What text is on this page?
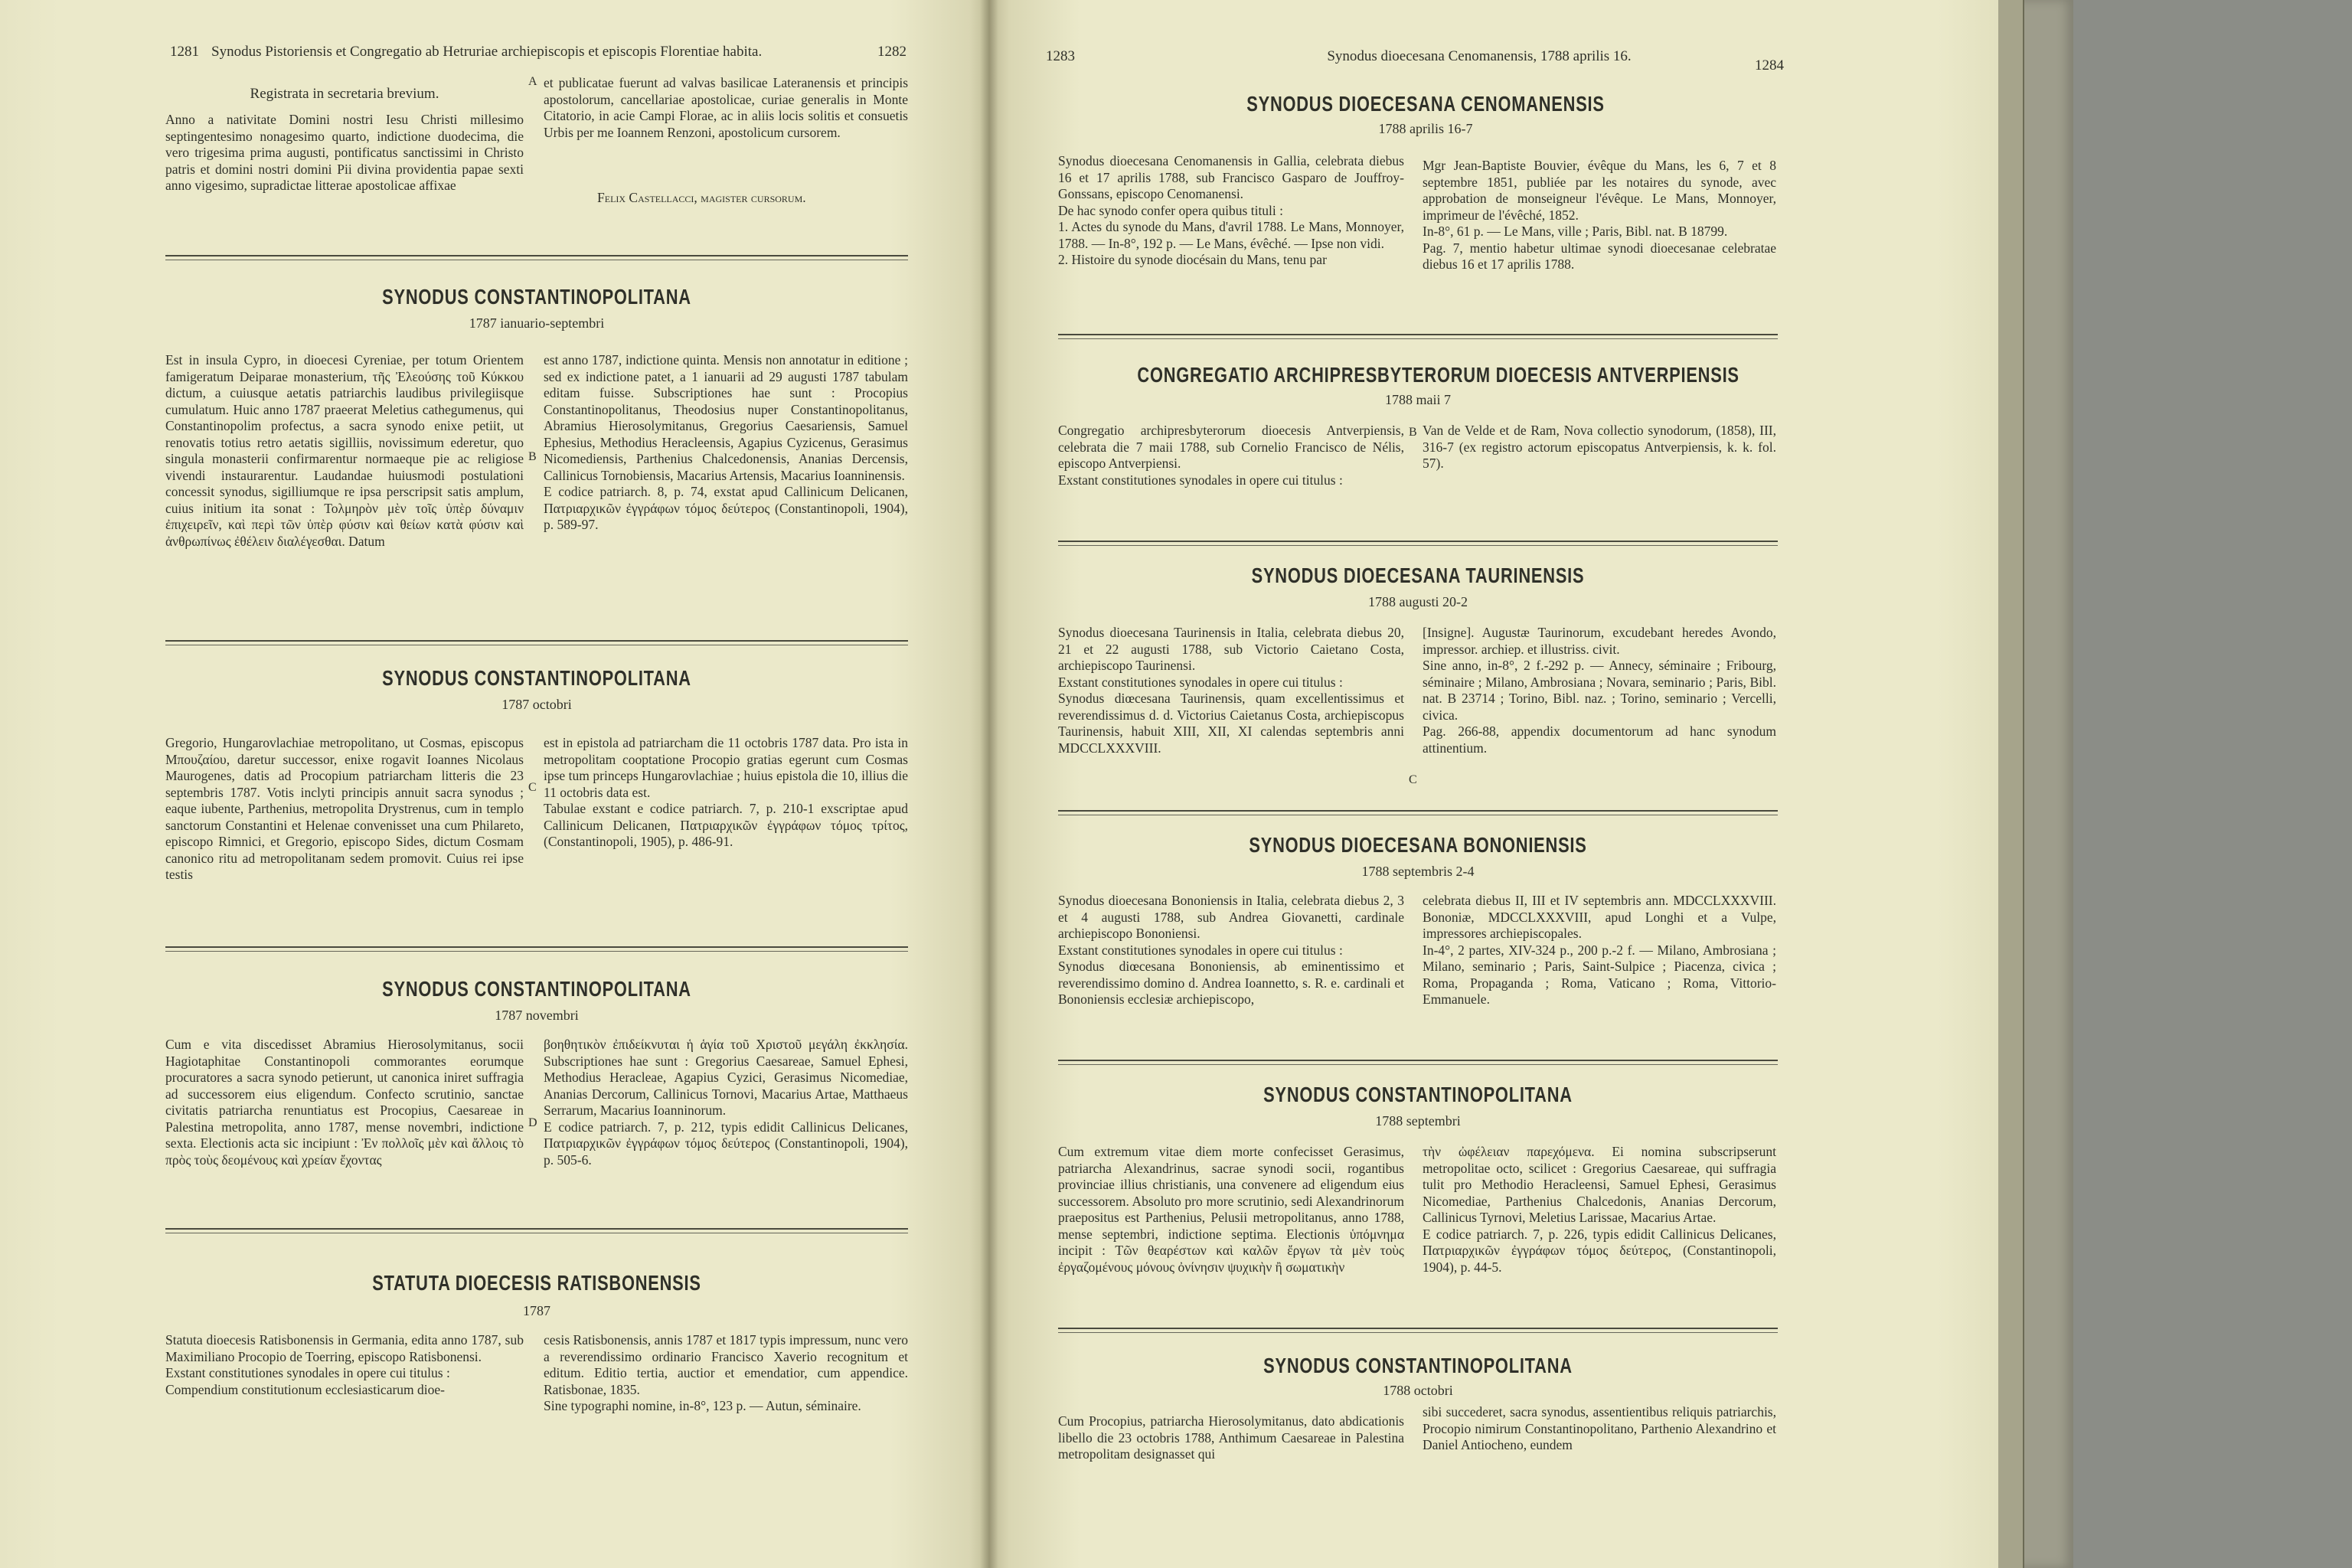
1281 Synodus Pistoriensis et Congregatio ab Hetruriae archiepiscopis et episcopis Florentiae habita.	1282
Registrata in secretaria brevium.
Anno a nativitate Domini nostri Iesu Christi millesimo septingentesimo nonagesimo quarto, indictione duodecima, die vero trigesima prima augusti, pontificatus sanctissimi in Christo patris et domini nostri domini Pii divina providentia papae sexti anno vigesimo, supradictae litterae apostolicae affixae
A et publicatae fuerunt ad valvas basilicae Lateranensis et principis apostolorum, cancellariae apostolicae, curiae generalis in Monte Citatorio, in acie Campi Florae, ac in aliis locis solitis et consuetis Urbis per me Ioannem Renzoni, apostolicum cursorem.
Felix Castellacci, magister cursorum.
SYNODUS CONSTANTINOPOLITANA
1787 ianuario-septembri
Est in insula Cypro, in dioecesi Cyreniae, per totum Orientem famigeratum Deiparae monasterium, τῆς Ἐλεούσης τοῦ Κύκκου dictum, a cuiusque aetatis patriarchis laudibus privilegiisque cumulatum. Huic anno 1787 praeerat Meletius cathegumenus, qui Constantinopolim profectus, a sacra synodo enixe petiit, ut renovatis totius retro aetatis sigilliis, novissimum ederetur, quo singula monasterii confirmarentur normaeque pie ac religiose vivendi instaurarentur. Laudandae huiusmodi postulationi concessit synodus, sigilliumque re ipsa perscripsit satis amplum, cuius initium ita sonat : Τολμηρὸν μὲν τοῖς ὑπὲρ δύναμιν ἐπιχειρεῖν, καὶ περὶ τῶν ὑπὲρ φύσιν καὶ θείων κατὰ φύσιν καὶ ἀνθρωπίνως ἐθέλειν διαλέγεσθαι. Datum
B
est anno 1787, indictione quinta. Mensis non annotatur in editione ; sed ex indictione patet, a 1 ianuarii ad 29 augusti 1787 tabulam editam fuisse. Subscriptiones hae sunt : Procopius Constantinopolitanus, Theodosius nuper Constantinopolitanus, Abramius Hierosolymitanus, Gregorius Caesariensis, Samuel Ephesius, Methodius Heracleensis, Agapius Cyzicenus, Gerasimus Nicomediensis, Parthenius Chalcedonensis, Ananias Dercensis, Callinicus Tornobiensis, Macarius Artensis, Macarius Ioanninensis.
E codice patriarch. 8, p. 74, exstat apud Callinicum Delicanen, Πατριαρχικῶν ἐγγράφων τόμος δεύτερος (Constantinopoli, 1904), p. 589-97.
SYNODUS CONSTANTINOPOLITANA
1787 octobri
Gregorio, Hungarovlachiae metropolitano, ut Cosmas, episcopus Μπουζαίου, daretur successor, enixe rogavit Ioannes Nicolaus Maurogenes, datis ad Procopium patriarcham litteris die 23 septembris 1787. Votis inclyti principis annuit sacra synodus ; eaque iubente, Parthenius, metropolita Drystrenus, cum in templo sanctorum Constantini et Helenae convenisset una cum Philareto, episcopo Rimnici, et Gregorio, episcopo Sides, dictum Cosmam canonico ritu ad metropolitanam sedem promovit. Cuius rei ipse testis
C
est in epistola ad patriarcham die 11 octobris 1787 data. Pro ista in metropolitam cooptatione Procopio gratias egerunt cum Cosmas ipse tum princeps Hungarovlachiae ; huius epistola die 10, illius die 11 octobris data est.
Tabulae exstant e codice patriarch. 7, p. 210-1 exscriptae apud Callinicum Delicanen, Πατριαρχικῶν ἐγγράφων τόμος τρίτος, (Constantinopoli, 1905), p. 486-91.
SYNODUS CONSTANTINOPOLITANA
1787 novembri
Cum e vita discedisset Abramius Hierosolymitanus, socii Hagiotaphitae Constantinopoli commorantes eorumque procuratores a sacra synodo petierunt, ut canonica iniret suffragia ad successorem eius eligendum. Confecto scrutinio, sanctae civitatis patriarcha renuntiatus est Procopius, Caesareae in Palestina metropolita, anno 1787, mense novembri, indictione sexta. Electionis acta sic incipiunt : Ἐν πολλοῖς μὲν καὶ ἄλλοις τὸ πρὸς τοὺς δεομένους καὶ χρείαν ἔχοντας
D
βοηθητικὸν ἐπιδείκνυται ἡ ἁγία τοῦ Χριστοῦ μεγάλη ἐκκλησία. Subscriptiones hae sunt : Gregorius Caesareae, Samuel Ephesi, Methodius Heracleae, Agapius Cyzici, Gerasimus Nicomediae, Ananias Dercorum, Callinicus Tornovi, Macarius Artae, Matthaeus Serrarum, Macarius Ioanninorum.
E codice patriarch. 7, p. 212, typis edidit Callinicus Delicanes, Πατριαρχικῶν ἐγγράφων τόμος δεύτερος (Constantinopoli, 1904), p. 505-6.
STATUTA DIOECESIS RATISBONENSIS
1787
Statuta dioecesis Ratisbonensis in Germania, edita anno 1787, sub Maximiliano Procopio de Toerring, episcopo Ratisbonensi.
Exstant constitutiones synodales in opere cui titulus :
Compendium constitutionum ecclesiasticarum dioe-
cesis Ratisbonensis, annis 1787 et 1817 typis impressum, nunc vero a reverendissimo ordinario Francisco Xaverio recognitum et editum. Editio tertia, auctior et emendatior, cum appendice. Ratisbonae, 1835.
Sine typographi nomine, in-8°, 123 p. — Autun, séminaire.
1283	Synodus dioecesana Cenomanensis, 1788 aprilis 16.
1284
SYNODUS DIOECESANA CENOMANENSIS
1788 aprilis 16-7
Synodus dioecesana Cenomanensis in Gallia, celebrata diebus 16 et 17 aprilis 1788, sub Francisco Gasparo de Jouffroy-Gonssans, episcopo Cenomanensi.
De hac synodo confer opera quibus tituli :
1. Actes du synode du Mans, d'avril 1788. Le Mans, Monnoyer, 1788. — In-8°, 192 p. — Le Mans, évêché. — Ipse non vidi.
2. Histoire du synode diocésain du Mans, tenu par
Mgr Jean-Baptiste Bouvier, évêque du Mans, les 6, 7 et 8 septembre 1851, publiée par les notaires du synode, avec approbation de monseigneur l'évêque. Le Mans, Monnoyer, imprimeur de l'évêché, 1852.
In-8°, 61 p. — Le Mans, ville ; Paris, Bibl. nat. B 18799.
Pag. 7, mentio habetur ultimae synodi dioecesanae celebratae diebus 16 et 17 aprilis 1788.
CONGREGATIO ARCHIPRESBYTERORUM DIOECESIS ANTVERPIENSIS
1788 maii 7
Congregatio archipresbyterorum dioecesis Antverpiensis, celebrata die 7 maii 1788, sub Cornelio Francisco de Nélis, episcopo Antverpiensi.
Exstant constitutiones synodales in opere cui titulus :
B Van de Velde et de Ram, Nova collectio synodorum, (1858), III, 316-7 (ex registro actorum episcopatus Antverpiensis, k. k. fol. 57).
SYNODUS DIOECESANA TAURINENSIS
1788 augusti 20-2
Synodus dioecesana Taurinensis in Italia, celebrata diebus 20, 21 et 22 augusti 1788, sub Victorio Caietano Costa, archiepiscopo Taurinensi.
Exstant constitutiones synodales in opere cui titulus :
Synodus diœcesana Taurinensis, quam excellentissimus et reverendissimus d. d. Victorius Caietanus Costa, archiepiscopus Taurinensis, habuit XIII, XII, XI calendas septembris anni MDCCLXXXVIII.
C
[Insigne]. Augustæ Taurinorum, excudebant heredes Avondo, impressor. archiep. et illustriss. civit.
Sine anno, in-8°, 2 f.-292 p. — Annecy, séminaire ; Fribourg, séminaire ; Milano, Ambrosiana ; Novara, seminario ; Paris, Bibl. nat. B 23714 ; Torino, Bibl. naz. ; Torino, seminario ; Vercelli, civica.
Pag. 266-88, appendix documentorum ad hanc synodum attinentium.
SYNODUS DIOECESANA BONONIENSIS
1788 septembris 2-4
Synodus dioecesana Bononiensis in Italia, celebrata diebus 2, 3 et 4 augusti 1788, sub Andrea Giovanetti, cardinale archiepiscopo Bononiensi.
Exstant constitutiones synodales in opere cui titulus :
Synodus diœcesana Bononiensis, ab eminentissimo et reverendissimo domino d. Andrea Ioannetto, s. R. e. cardinali et Bononiensis ecclesiæ archiepiscopo,
celebrata diebus II, III et IV septembris ann. MDCCLXXXVIII. Bononiæ, MDCCLXXXVIII, apud Longhi et a Vulpe, impressores archiepiscopales.
In-4°, 2 partes, XIV-324 p., 200 p.-2 f. — Milano, Ambrosiana ; Milano, seminario ; Paris, Saint-Sulpice ; Piacenza, civica ; Roma, Propaganda ; Roma, Vaticano ; Roma, Vittorio-Emmanuele.
SYNODUS CONSTANTINOPOLITANA
1788 septembri
Cum extremum vitae diem morte confecisset Gerasimus, patriarcha Alexandrinus, sacrae synodi socii, rogantibus provinciae illius christianis, una convenere ad eligendum eius successorem. Absoluto pro more scrutinio, sedi Alexandrinorum praepositus est Parthenius, Pelusii metropolitanus, anno 1788, mense septembri, indictione septima. Electionis ὑπόμνημα incipit : Τῶν θεαρέστων καὶ καλῶν ἔργων τὰ μὲν τοὺς ἐργαζομένους μόνους ὀνίνησιν ψυχικὴν ἢ σωματικὴν
τὴν ὠφέλειαν παρεχόμενα. Ei nomina subscripserunt metropolitae octo, scilicet : Gregorius Caesareae, qui suffragia tulit pro Methodio Heracleensi, Samuel Ephesi, Gerasimus Nicomediae, Parthenius Chalcedonis, Ananias Dercorum, Callinicus Tyrnovi, Meletius Larissae, Macarius Artae.
E codice patriarch. 7, p. 226, typis edidit Callinicus Delicanes, Πατριαρχικῶν ἐγγράφων τόμος δεύτερος, (Constantinopoli, 1904), p. 44-5.
SYNODUS CONSTANTINOPOLITANA
1788 octobri
Cum Procopius, patriarcha Hierosolymitanus, dato abdicationis libello die 23 octobris 1788, Anthimum Caesareae in Palestina metropolitam designasset qui
sibi succederet, sacra synodus, assentientibus reliquis patriarchis, Procopio nimirum Constantinopolitano, Parthenio Alexandrino et Daniel Antiocheno, eundem
